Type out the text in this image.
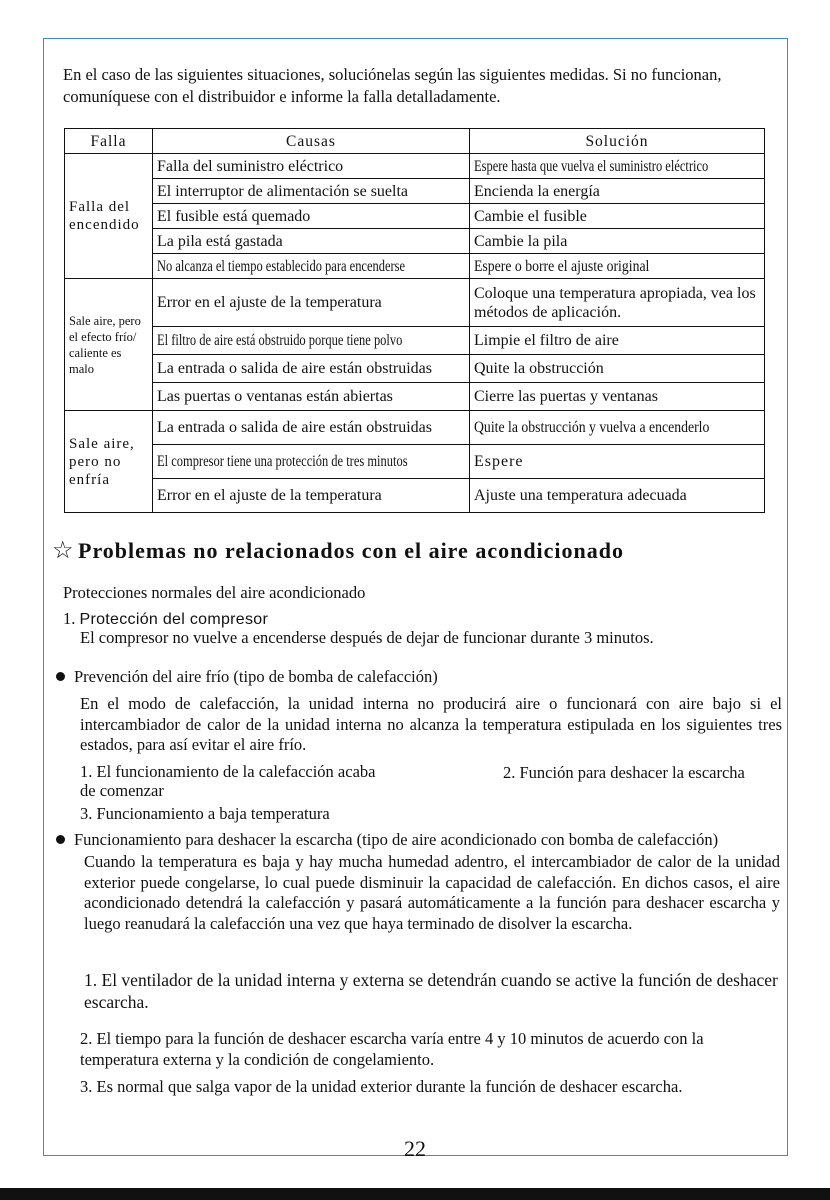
En el caso de las siguientes situaciones, soluciónelas según las siguientes medidas. Si no funcionan,
comuníquese con el distribuidor e informe la falla detalladamente.
Falla	Causas	Solución
Falla del encendido	Falla del suministro eléctrico	Espere hasta que vuelva el suministro eléctrico
	El interruptor de alimentación se suelta	Encienda la energía
	El fusible está quemado	Cambie el fusible
	La pila está gastada	Cambie la pila
	No alcanza el tiempo establecido para encenderse	Espere o borre el ajuste original
Sale aire, pero el efecto frío/ caliente es malo	Error en el ajuste de la temperatura	Coloque una temperatura apropiada, vea los métodos de aplicación.
	El filtro de aire está obstruido porque tiene polvo	Limpie el filtro de aire
	La entrada o salida de aire están obstruidas	Quite la obstrucción
	Las puertas o ventanas están abiertas	Cierre las puertas y ventanas
Sale aire, pero no enfría	La entrada o salida de aire están obstruidas	Quite la obstrucción y vuelva a encenderlo
	El compresor tiene una protección de tres minutos	Espere
	Error en el ajuste de la temperatura	Ajuste una temperatura adecuada
☆ Problemas no relacionados con el aire acondicionado
Protecciones normales del aire acondicionado
1. Protección del compresor
El compresor no vuelve a encenderse después de dejar de funcionar durante 3 minutos.
Prevención del aire frío (tipo de bomba de calefacción)
En el modo de calefacción, la unidad interna no producirá aire o funcionará con aire bajo si el intercambiador de calor de la unidad interna no alcanza la temperatura estipulada en los siguientes tres estados, para así evitar el aire frío.
1. El funcionamiento de la calefacción acaba
de comenzar
2. Función para deshacer la escarcha
3. Funcionamiento a baja temperatura
Funcionamiento para deshacer la escarcha (tipo de aire acondicionado con bomba de calefacción)
Cuando la temperatura es baja y hay mucha humedad adentro, el intercambiador de calor de la unidad exterior puede congelarse, lo cual puede disminuir la capacidad de calefacción. En dichos casos, el aire acondicionado detendrá la calefacción y pasará automáticamente a la función para deshacer escarcha y luego reanudará la calefacción una vez que haya terminado de disolver la escarcha.
1. El ventilador de la unidad interna y externa se detendrán cuando se active la función de deshacer escarcha.
2. El tiempo para la función de deshacer escarcha varía entre 4 y 10 minutos de acuerdo con la temperatura externa y la condición de congelamiento.
3. Es normal que salga vapor de la unidad exterior durante la función de deshacer escarcha.
22
